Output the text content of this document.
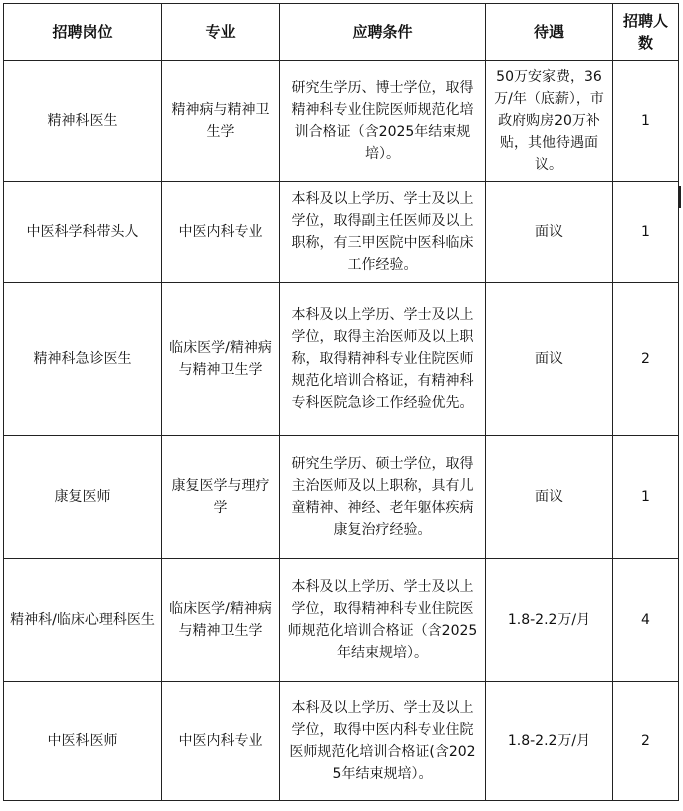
招聘岗位	专业	应聘条件	待遇	招聘人数
精神科医生	精神病与精神卫生学	研究生学历、博士学位，取得精神科专业住院医师规范化培训合格证（含2025年结束规培）。	50万安家费，36万/年（底薪），市政府购房20万补贴，其他待遇面议。	1
中医科学科带头人	中医内科专业	本科及以上学历、学士及以上学位，取得副主任医师及以上职称，有三甲医院中医科临床工作经验。	面议	1
精神科急诊医生	临床医学/精神病与精神卫生学	本科及以上学历、学士及以上学位，取得主治医师及以上职称，取得精神科专业住院医师规范化培训合格证，有精神科专科医院急诊工作经验优先。	面议	2
康复医师	康复医学与理疗学	研究生学历、硕士学位，取得主治医师及以上职称，具有儿童精神、神经、老年躯体疾病康复治疗经验。	面议	1
精神科/临床心理科医生	临床医学/精神病与精神卫生学	本科及以上学历、学士及以上学位，取得精神科专业住院医师规范化培训合格证（含2025年结束规培）。	1.8-2.2万/月	4
中医科医师	中医内科专业	本科及以上学历、学士及以上学位，取得中医内科专业住院医师规范化培训合格证(含2025年结束规培）。	1.8-2.2万/月	2
